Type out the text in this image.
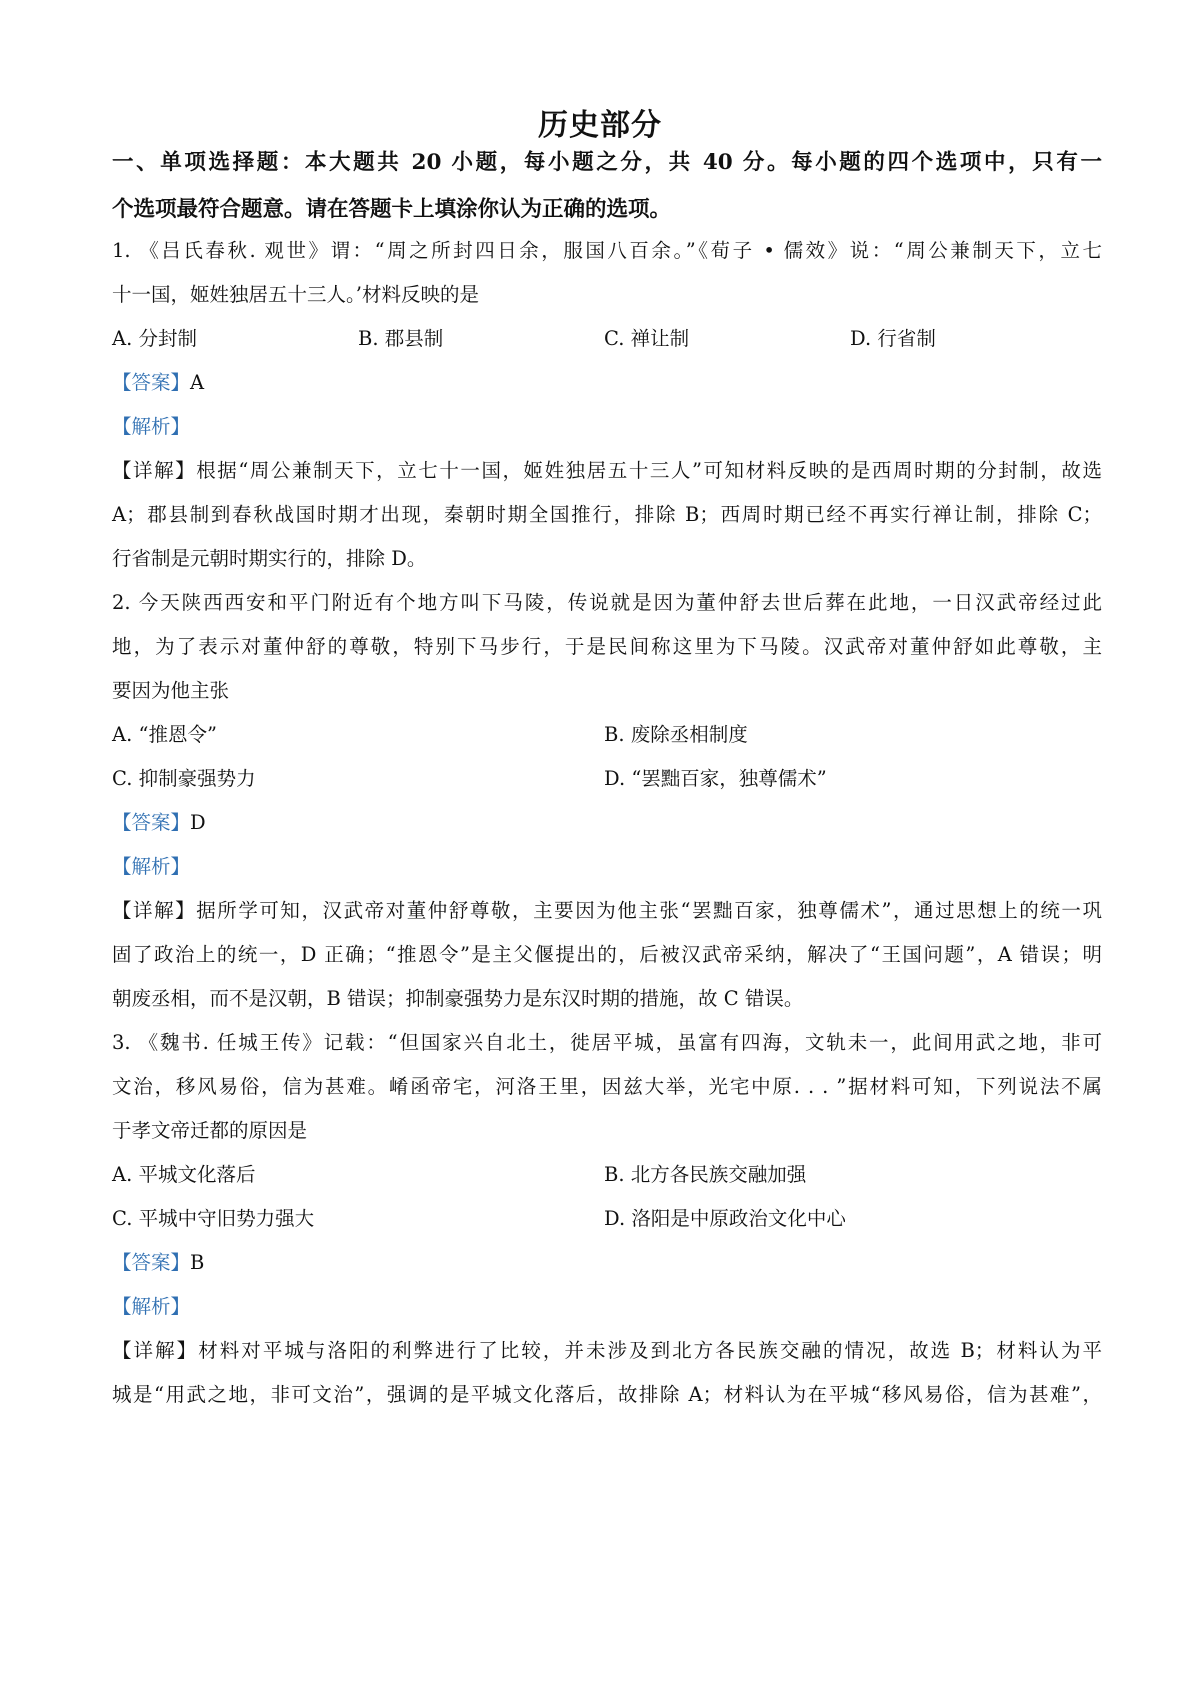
历史部分
一、单项选择题：本大题共 20 小题，每小题之分，共 40 分。每小题的四个选项中，只有一
个选项最符合题意。请在答题卡上填涂你认为正确的选项。
1. 《吕氏春秋. 观世》谓：“周之所封四日余，服国八百余。”《荀子 • 儒效》说：“周公兼制天下，立七
十一国，姬姓独居五十三人。’材料反映的是
A. 分封制	B. 郡县制	C. 禅让制	D. 行省制
【答案】A
【解析】
【详解】根据“周公兼制天下，立七十一国，姬姓独居五十三人”可知材料反映的是西周时期的分封制，故选
A；郡县制到春秋战国时期才出现，秦朝时期全国推行，排除 B；西周时期已经不再实行禅让制，排除 C；
行省制是元朝时期实行的，排除 D。
2. 今天陕西西安和平门附近有个地方叫下马陵，传说就是因为董仲舒去世后葬在此地，一日汉武帝经过此
地，为了表示对董仲舒的尊敬，特别下马步行，于是民间称这里为下马陵。汉武帝对董仲舒如此尊敬，主
要因为他主张
A. “推恩令”	B. 废除丞相制度
C. 抑制豪强势力	D. “罢黜百家，独尊儒术”
【答案】D
【解析】
【详解】据所学可知，汉武帝对董仲舒尊敬，主要因为他主张“罢黜百家，独尊儒术”，通过思想上的统一巩
固了政治上的统一，D 正确；“推恩令”是主父偃提出的，后被汉武帝采纳，解决了“王国问题”，A 错误；明
朝废丞相，而不是汉朝，B 错误；抑制豪强势力是东汉时期的措施，故 C 错误。
3. 《魏书. 任城王传》记载：“但国家兴自北土，徙居平城，虽富有四海，文轨未一，此间用武之地，非可
文治，移风易俗，信为甚难。崤函帝宅，河洛王里，因兹大举，光宅中原. . . ”据材料可知，下列说法不属
于孝文帝迁都的原因是
A. 平城文化落后	B. 北方各民族交融加强
C. 平城中守旧势力强大	D. 洛阳是中原政治文化中心
【答案】B
【解析】
【详解】材料对平城与洛阳的利弊进行了比较，并未涉及到北方各民族交融的情况，故选 B；材料认为平
城是“用武之地，非可文治”，强调的是平城文化落后，故排除 A；材料认为在平城“移风易俗，信为甚难”，
